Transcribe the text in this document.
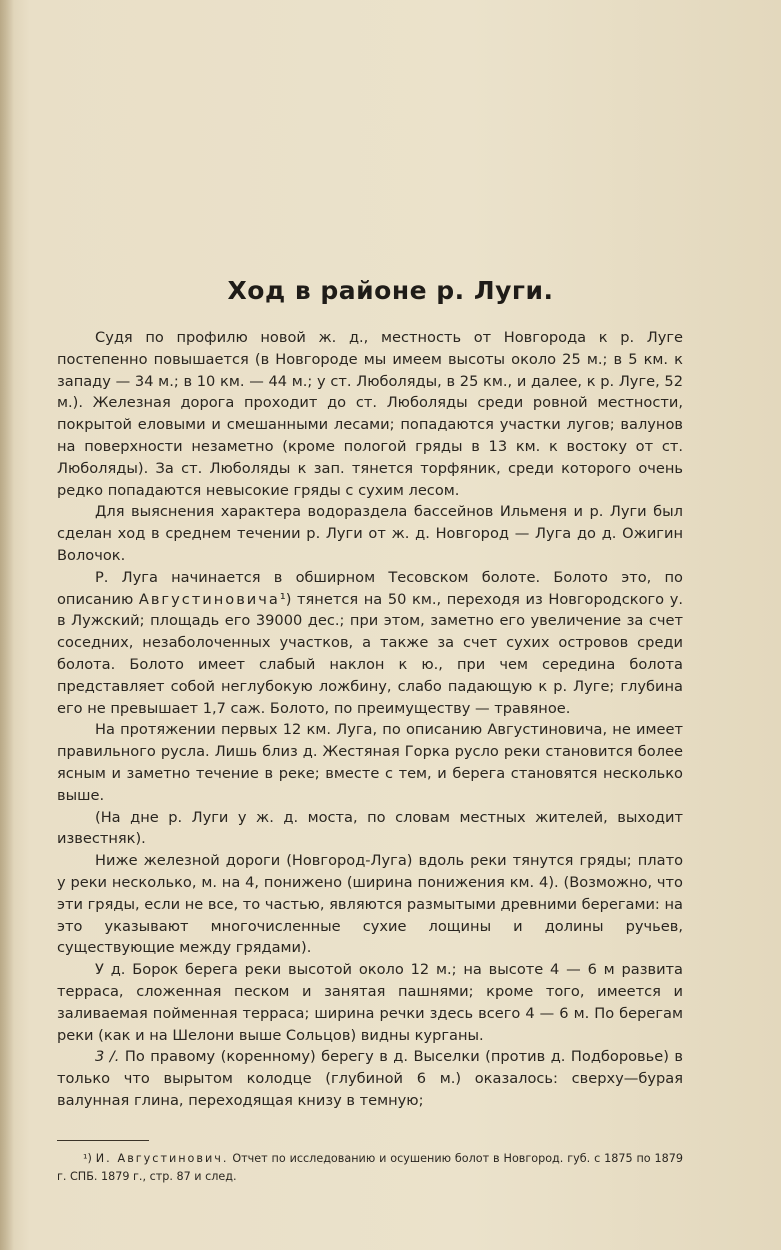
Ход в районе р. Луги.

Судя по профилю новой ж. д., местность от Новгорода к р. Луге постепенно повышается (в Новгороде мы имеем высоты около 25 м.; в 5 км. к западу — 34 м.; в 10 км. — 44 м.; у ст. Люболяды, в 25 км., и далее, к р. Луге, 52 м.). Железная дорога проходит до ст. Люболяды среди ровной местности, покрытой еловыми и смешанными лесами; попадаются участки лугов; валунов на поверхности незаметно (кроме пологой гряды в 13 км. к востоку от ст. Люболяды). За ст. Люболяды к зап. тянется торфяник, среди которого очень редко попадаются невысокие гряды с сухим лесом.

Для выяснения характера водораздела бассейнов Ильменя и р. Луги был сделан ход в среднем течении р. Луги от ж. д. Новгород — Луга до д. Ожигин Волочок.

Р. Луга начинается в обширном Тесовском болоте. Болото это, по описанию Августиновича¹) тянется на 50 км., переходя из Новгородского у. в Лужский; площадь его 39000 дес.; при этом, заметно его увеличение за счет соседних, незаболоченных участков, а также за счет сухих островов среди болота. Болото имеет слабый наклон к ю., при чем середина болота представляет собой неглубокую ложбину, слабо падающую к р. Луге; глубина его не превышает 1,7 саж. Болото, по преимуществу — травяное.

На протяжении первых 12 км. Луга, по описанию Августиновича, не имеет правильного русла. Лишь близ д. Жестяная Горка русло реки становится более ясным и заметно течение в реке; вместе с тем, и берега становятся несколько выше.

(На дне р. Луги у ж. д. моста, по словам местных жителей, выходит известняк).

Ниже железной дороги (Новгород-Луга) вдоль реки тянутся гряды; плато у реки несколько, м. на 4, понижено (ширина понижения км. 4). (Возможно, что эти гряды, если не все, то частью, являются размытыми древними берегами: на это указывают многочисленные сухие лощины и долины ручьев, существующие между грядами).

У д. Борок берега реки высотой около 12 м.; на высоте 4 — 6 м развита терраса, сложенная песком и занятая пашнями; кроме того, имеется и заливаемая пойменная терраса; ширина речки здесь всего 4 — 6 м. По берегам реки (как и на Шелони выше Сольцов) видны курганы.

3 /. По правому (коренному) берегу в д. Выселки (против д. Подборовье) в только что вырытом колодце (глубиной 6 м.) оказалось: сверху—бурая валунная глина, переходящая книзу в темную;

¹) И. Августинович. Отчет по исследованию и осушению болот в Новгород. губ. с 1875 по 1879 г. СПБ. 1879 г., стр. 87 и след.
